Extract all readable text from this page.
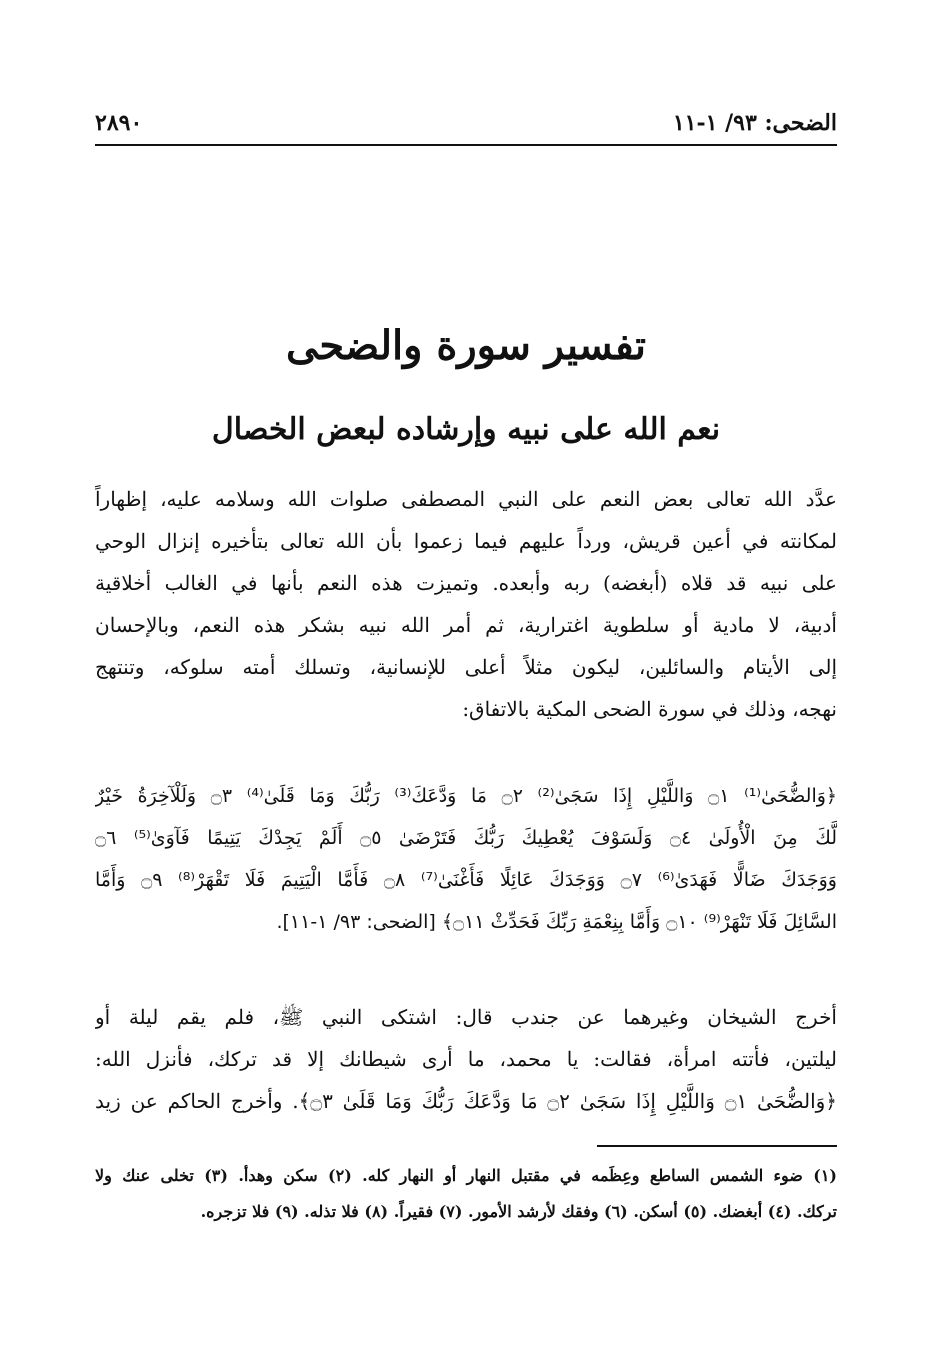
الضحى: ٩٣/ ١-١١
٢٨٩٠
تفسير سورة والضحى
نعم الله على نبيه وإرشاده لبعض الخصال
عدَّد الله تعالى بعض النعم على النبي المصطفى صلوات الله وسلامه عليه، إظهاراً
لمكانته في أعين قريش، ورداً عليهم فيما زعموا بأن الله تعالى بتأخيره إنزال الوحي
على نبيه قد قلاه (أبغضه) ربه وأبعده. وتميزت هذه النعم بأنها في الغالب أخلاقية
أدبية، لا مادية أو سلطوية اغترارية، ثم أمر الله نبيه بشكر هذه النعم، وبالإحسان
إلى الأيتام والسائلين، ليكون مثلاً أعلى للإنسانية، وتسلك أمته سلوكه، وتنتهج
نهجه، وذلك في سورة الضحى المكية بالاتفاق:
﴿وَالضُّحَىٰ⁽¹⁾ ۝١ وَاللَّيْلِ إِذَا سَجَىٰ⁽²⁾ ۝٢ مَا وَدَّعَكَ⁽³⁾ رَبُّكَ وَمَا قَلَىٰ⁽⁴⁾ ۝٣ وَلَلْآخِرَةُ خَيْرٌ
لَّكَ مِنَ الْأُولَىٰ ۝٤ وَلَسَوْفَ يُعْطِيكَ رَبُّكَ فَتَرْضَىٰ ۝٥ أَلَمْ يَجِدْكَ يَتِيمًا فَآوَىٰ⁽⁵⁾ ۝٦
وَوَجَدَكَ ضَالًّا فَهَدَىٰ⁽⁶⁾ ۝٧ وَوَجَدَكَ عَائِلًا فَأَغْنَىٰ⁽⁷⁾ ۝٨ فَأَمَّا الْيَتِيمَ فَلَا تَقْهَرْ⁽⁸⁾ ۝٩ وَأَمَّا
السَّائِلَ فَلَا تَنْهَرْ⁽⁹⁾ ۝١٠ وَأَمَّا بِنِعْمَةِ رَبِّكَ فَحَدِّثْ ۝١١﴾ [الضحى: ٩٣/ ١-١١].
أخرج الشيخان وغيرهما عن جندب قال: اشتكى النبي ﷺ، فلم يقم ليلة أو
ليلتين، فأتته امرأة، فقالت: يا محمد، ما أرى شيطانك إلا قد تركك، فأنزل الله:
﴿وَالضُّحَىٰ ۝١ وَاللَّيْلِ إِذَا سَجَىٰ ۝٢ مَا وَدَّعَكَ رَبُّكَ وَمَا قَلَىٰ ۝٣﴾. وأخرج الحاكم عن زيد
(١) ضوء الشمس الساطع وعِظَمه في مقتبل النهار أو النهار كله. (٢) سكن وهدأ. (٣) تخلى عنك ولا
تركك. (٤) أبغضك. (٥) أسكن. (٦) وفقك لأرشد الأمور. (٧) فقيراً. (٨) فلا تذله. (٩) فلا تزجره.
